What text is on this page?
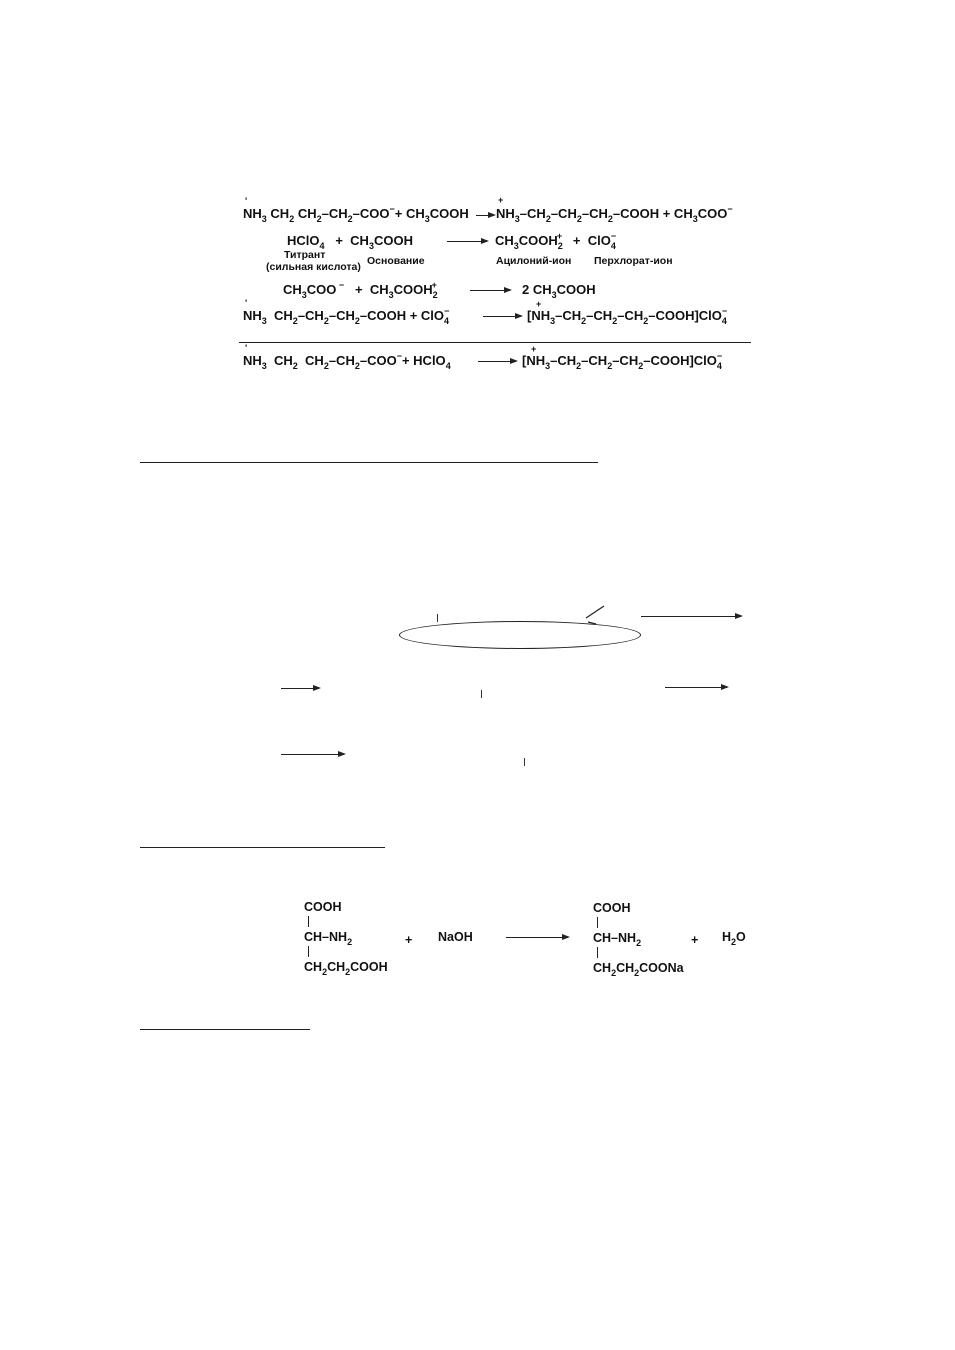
'
$NH_3$ $CH_2$ $CH_2-CH_2-COO^-+$ $CH_3COOH$
+
$NH_3-CH_2-CH_2-CH_2$–COOH + $CH_3COO^-$
HClO$_4$   +  $CH_3COOH$	$CH_3COOH_2^+ + ClO_4^-$
Титрант
(сильная кислота) Основание	Ацилоний-ион Перхлорат-ион
$CH_3COO$ $^- + CH_3COOH_2^+$	2 $CH_3COOH$
'
$NH_3$  $CH_2-CH_2-CH_2$–COOH + ClO$_4$−	[
+
$NH_3-CH_2-CH_2-CH_2-COOH]ClO_4^-$
'
$NH_3$  $CH_2$  $CH_2-CH_2-COO^-+$ HClO$_4$	[
+
$NH_3-CH_2-CH_2-CH_2-COOH]ClO_4^-$
COOH
$CH-NH_2$
$CH_2CH_2COOH$
+ NaOH
COOH
$CH-NH_2$
$CH_2CH_2COONa$
+ $H_2O$
